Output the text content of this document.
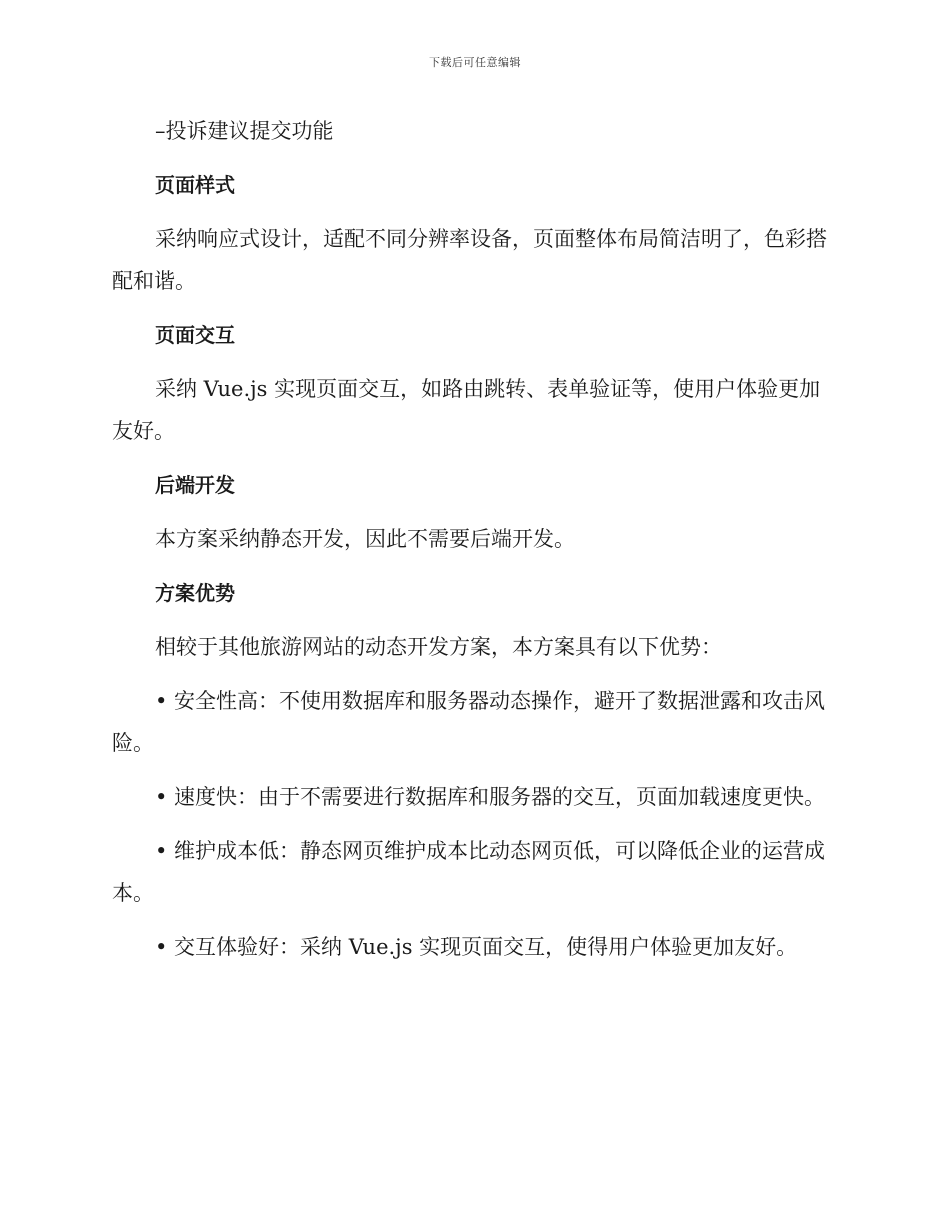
下载后可任意编辑

–投诉建议提交功能

页面样式

采纳响应式设计，适配不同分辨率设备，页面整体布局简洁明了，色彩搭配和谐。

页面交互

采纳 Vue.js 实现页面交互，如路由跳转、表单验证等，使用户体验更加友好。

后端开发

本方案采纳静态开发，因此不需要后端开发。

方案优势

相较于其他旅游网站的动态开发方案，本方案具有以下优势：

• 安全性高：不使用数据库和服务器动态操作，避开了数据泄露和攻击风险。

• 速度快：由于不需要进行数据库和服务器的交互，页面加载速度更快。

• 维护成本低：静态网页维护成本比动态网页低，可以降低企业的运营成本。

• 交互体验好：采纳 Vue.js 实现页面交互，使得用户体验更加友好。
